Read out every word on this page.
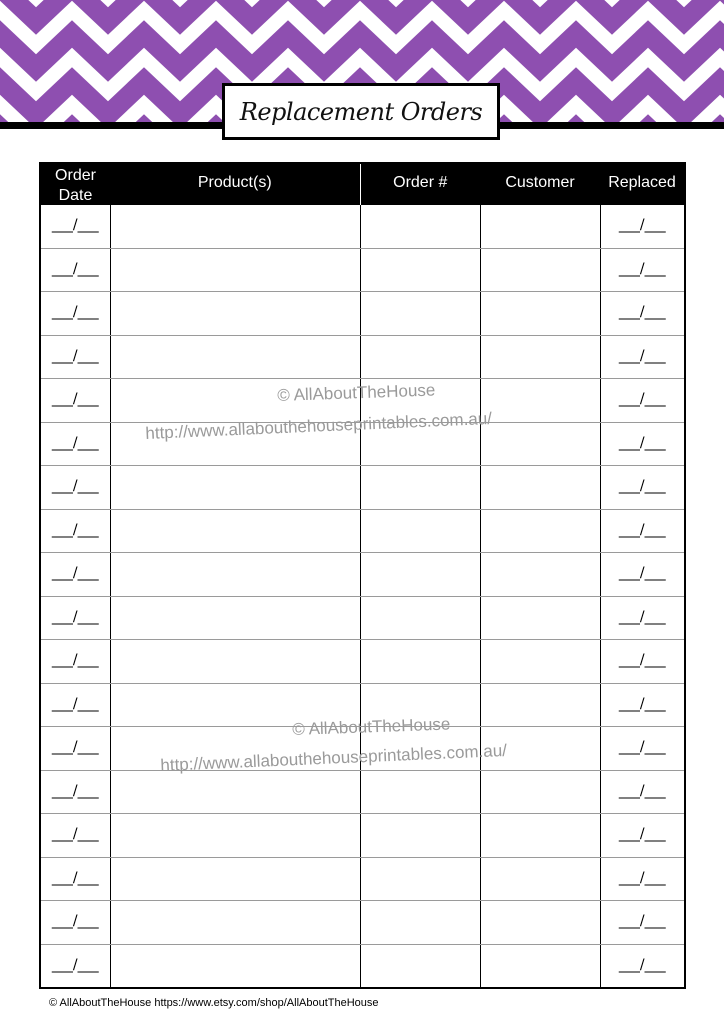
Replacement Orders
Order
Date	Product(s)	Order #	Customer	Replaced

___/___				___/___
___/___				___/___
___/___				___/___
___/___				___/___
___/___				___/___
___/___				___/___
___/___				___/___
___/___				___/___
___/___				___/___
___/___				___/___
___/___				___/___
___/___				___/___
___/___				___/___
___/___				___/___
___/___				___/___
___/___				___/___
___/___				___/___
___/___				___/___
© AllAboutTheHouse
http://www.allabouthehouseprintables.com.au/
© AllAboutTheHouse
http://www.allabouthehouseprintables.com.au/
© AllAboutTheHouse https://www.etsy.com/shop/AllAboutTheHouse
